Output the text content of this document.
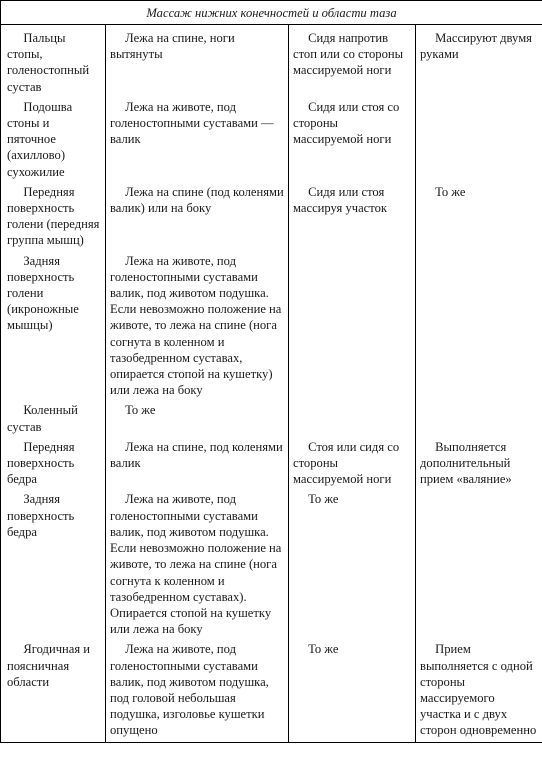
Массаж нижних конечностей и области таза			
Пальцы стопы, голеностопный сустав	Лежа на спине, ноги вытянуты	Сидя напротив стоп или со стороны массируемой ноги	Массируют двумя руками
Подошва стоны и пяточное (ахиллово) сухожилие	Лежа на животе, под голеностопными суставами — валик	Сидя или стоя со стороны массируемой ноги	
Передняя поверхность голени (передняя группа мышц)	Лежа на спине (под коленями валик) или на боку	Сидя или стоя массируя участок	То же
Задняя поверхность голени (икроножные мышцы)	Лежа на животе, под голеностопными суставами валик, под животом подушка. Если невозможно положение на животе, то лежа на спине (нога согнута в коленном и тазобедренном суставах, опирается стопой на кушетку) или лежа на боку		
Коленный сустав	То же		
Передняя поверхность бедра	Лежа на спине, под коленями валик	Стоя или сидя со стороны массируемой ноги	Выполняется дополнительный прием «валяние»
Задняя поверхность бедра	Лежа на животе, под голеностопными суставами валик, под животом подушка. Если невозможно положение на животе, то лежа на спине (нога согнута к коленном и тазобедренном суставах). Опирается стопой на кушетку или лежа на боку	То же	
Ягодичная и поясничная области	Лежа на животе, под голеностопными суставами валик, под животом подушка, под головой небольшая подушка, изголовье кушетки опущено	То же	Прием выполняется с одной стороны массируемого участка и с двух сторон одновременно
